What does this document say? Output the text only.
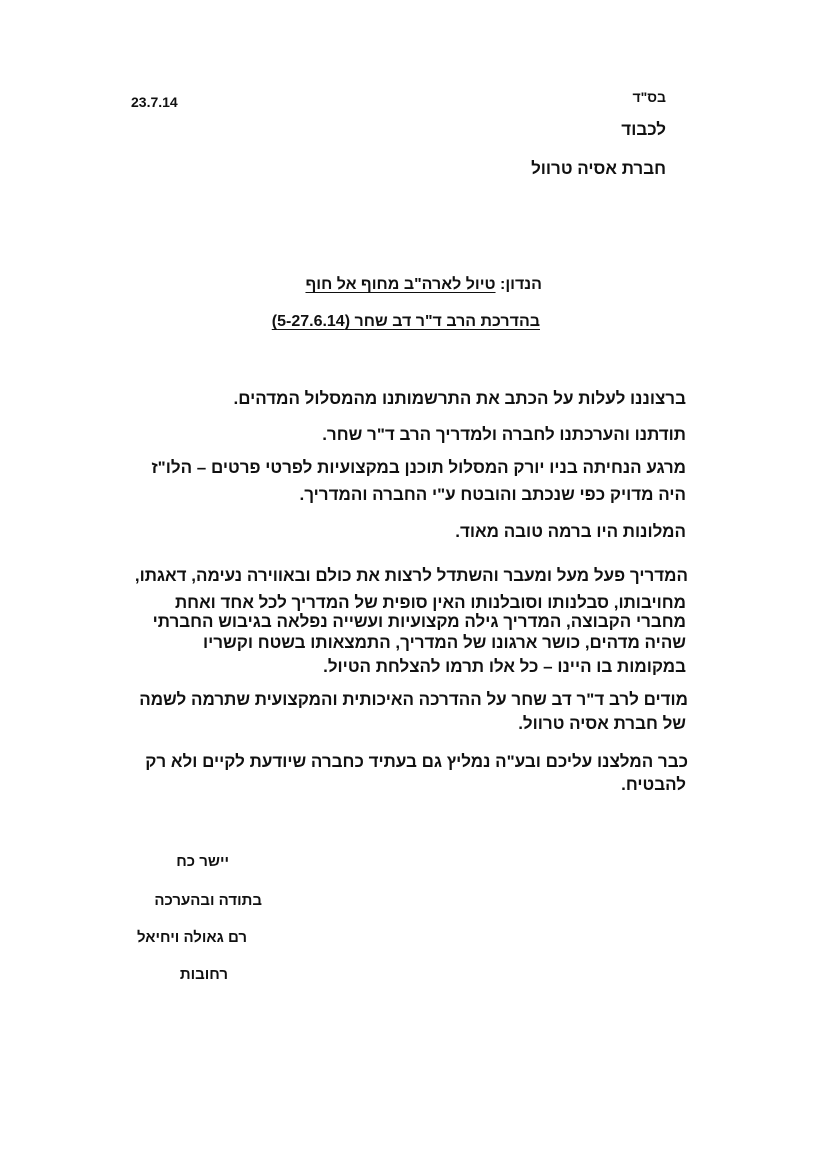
בס"ד
23.7.14
לכבוד
חברת אסיה טרוול
הנדון: טיול לארה"ב מחוף אל חוף
בהדרכת הרב ד"ר דב שחר (5-27.6.14)
ברצוננו לעלות על הכתב את התרשמותנו מהמסלול המדהים.
תודתנו והערכתנו לחברה ולמדריך הרב ד"ר שחר.
מרגע הנחיתה בניו יורק המסלול תוכנן במקצועיות לפרטי פרטים – הלו"ז
היה מדויק כפי שנכתב והובטח ע"י החברה והמדריך.
המלונות היו ברמה טובה מאוד.
המדריך פעל מעל ומעבר והשתדל לרצות את כולם ובאווירה נעימה, דאגתו,
מחויבותו, סבלנותו וסובלנותו האין סופית של המדריך לכל אחד ואחת
מחברי הקבוצה, המדריך גילה מקצועיות ועשייה נפלאה בגיבוש החברתי
שהיה מדהים, כושר ארגונו של המדריך, התמצאותו בשטח וקשריו
במקומות בו היינו – כל אלו תרמו להצלחת הטיול.
מודים לרב ד"ר דב שחר על ההדרכה האיכותית והמקצועית שתרמה לשמה
של חברת אסיה טרוול.
כבר המלצנו עליכם ובע"ה נמליץ גם בעתיד כחברה שיודעת לקיים ולא רק
להבטיח.
יישר כח
בתודה ובהערכה
רם גאולה ויחיאל
רחובות
